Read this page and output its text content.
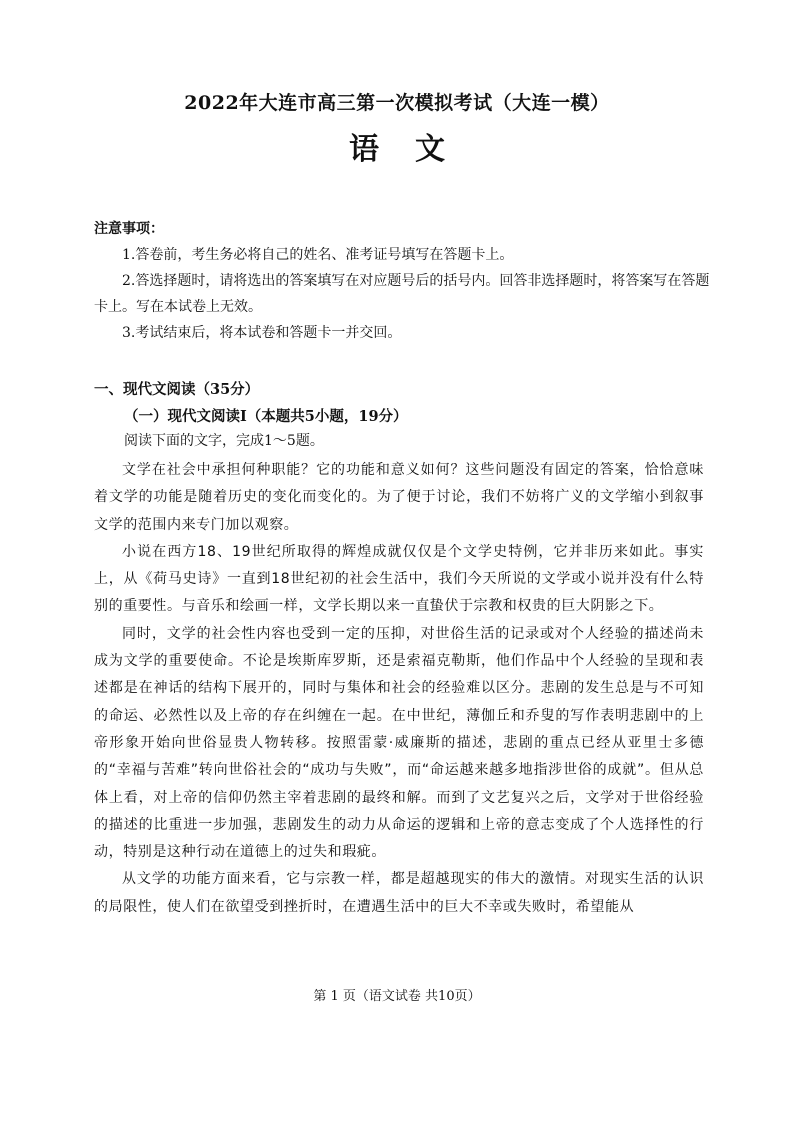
2022年大连市高三第一次模拟考试（大连一模）
语文
注意事项：

1.答卷前，考生务必将自己的姓名、准考证号填写在答题卡上。

2.答选择题时，请将选出的答案填写在对应题号后的括号内。回答非选择题时，将答案写在答题卡上。写在本试卷上无效。

3.考试结束后，将本试卷和答题卡一并交回。

一、现代文阅读（35分）
（一）现代文阅读Ⅰ（本题共5小题，19分）
阅读下面的文字，完成1～5题。

文学在社会中承担何种职能？它的功能和意义如何？这些问题没有固定的答案，恰恰意味着文学的功能是随着历史的变化而变化的。为了便于讨论，我们不妨将广义的文学缩小到叙事文学的范围内来专门加以观察。

小说在西方18、19世纪所取得的辉煌成就仅仅是个文学史特例，它并非历来如此。事实上，从《荷马史诗》一直到18世纪初的社会生活中，我们今天所说的文学或小说并没有什么特别的重要性。与音乐和绘画一样，文学长期以来一直蛰伏于宗教和权贵的巨大阴影之下。

同时，文学的社会性内容也受到一定的压抑，对世俗生活的记录或对个人经验的描述尚未成为文学的重要使命。不论是埃斯库罗斯，还是索福克勒斯，他们作品中个人经验的呈现和表述都是在神话的结构下展开的，同时与集体和社会的经验难以区分。悲剧的发生总是与不可知的命运、必然性以及上帝的存在纠缠在一起。在中世纪，薄伽丘和乔叟的写作表明悲剧中的上帝形象开始向世俗显贵人物转移。按照雷蒙·威廉斯的描述，悲剧的重点已经从亚里士多德的“幸福与苦难”转向世俗社会的“成功与失败”，而“命运越来越多地指涉世俗的成就”。但从总体上看，对上帝的信仰仍然主宰着悲剧的最终和解。而到了文艺复兴之后，文学对于世俗经验的描述的比重进一步加强，悲剧发生的动力从命运的逻辑和上帝的意志变成了个人选择性的行动，特别是这种行动在道德上的过失和瑕疵。

从文学的功能方面来看，它与宗教一样，都是超越现实的伟大的激情。对现实生活的认识的局限性，使人们在欲望受到挫折时，在遭遇生活中的巨大不幸或失败时，希望能从

第 1 页（语文试卷 共10页）
